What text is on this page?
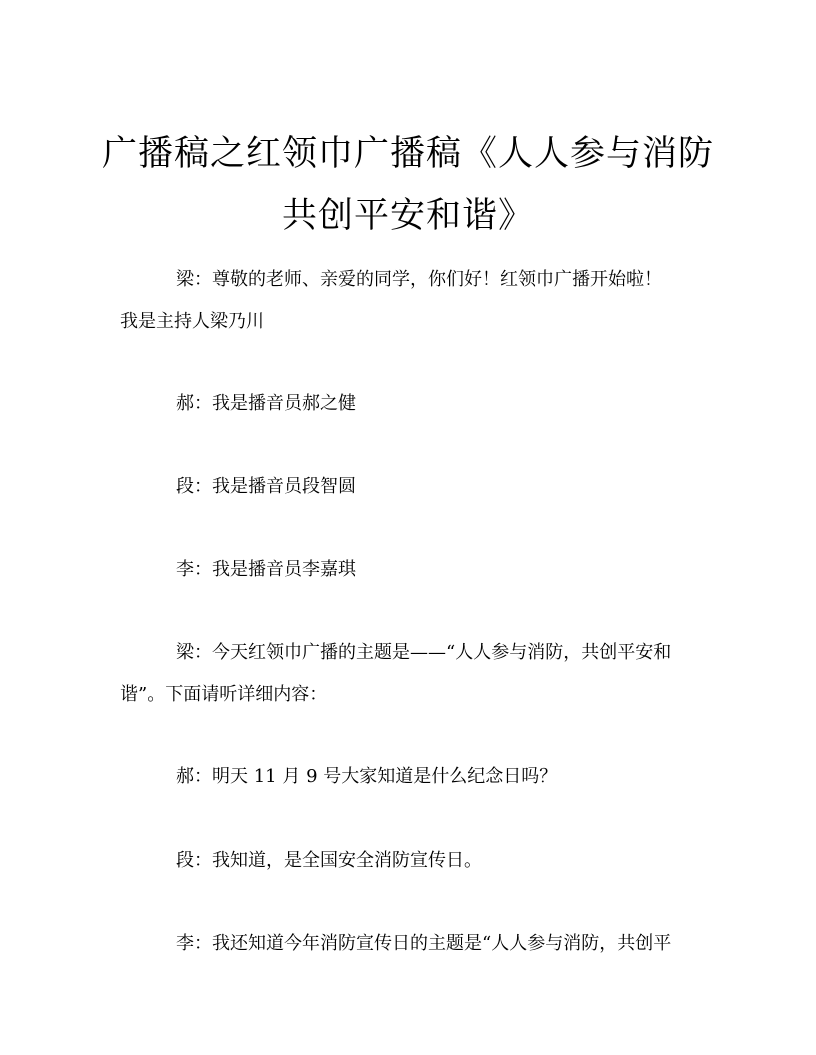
广播稿之红领巾广播稿《人人参与消防
共创平安和谐》

梁：尊敬的老师、亲爱的同学，你们好！红领巾广播开始啦！

我是主持人梁乃川

郝：我是播音员郝之健

段：我是播音员段智圆

李：我是播音员李嘉琪

梁：今天红领巾广播的主题是——“人人参与消防，共创平安和

谐”。下面请听详细内容：

郝：明天 11 月 9 号大家知道是什么纪念日吗？

段：我知道，是全国安全消防宣传日。

李：我还知道今年消防宣传日的主题是“人人参与消防，共创平
